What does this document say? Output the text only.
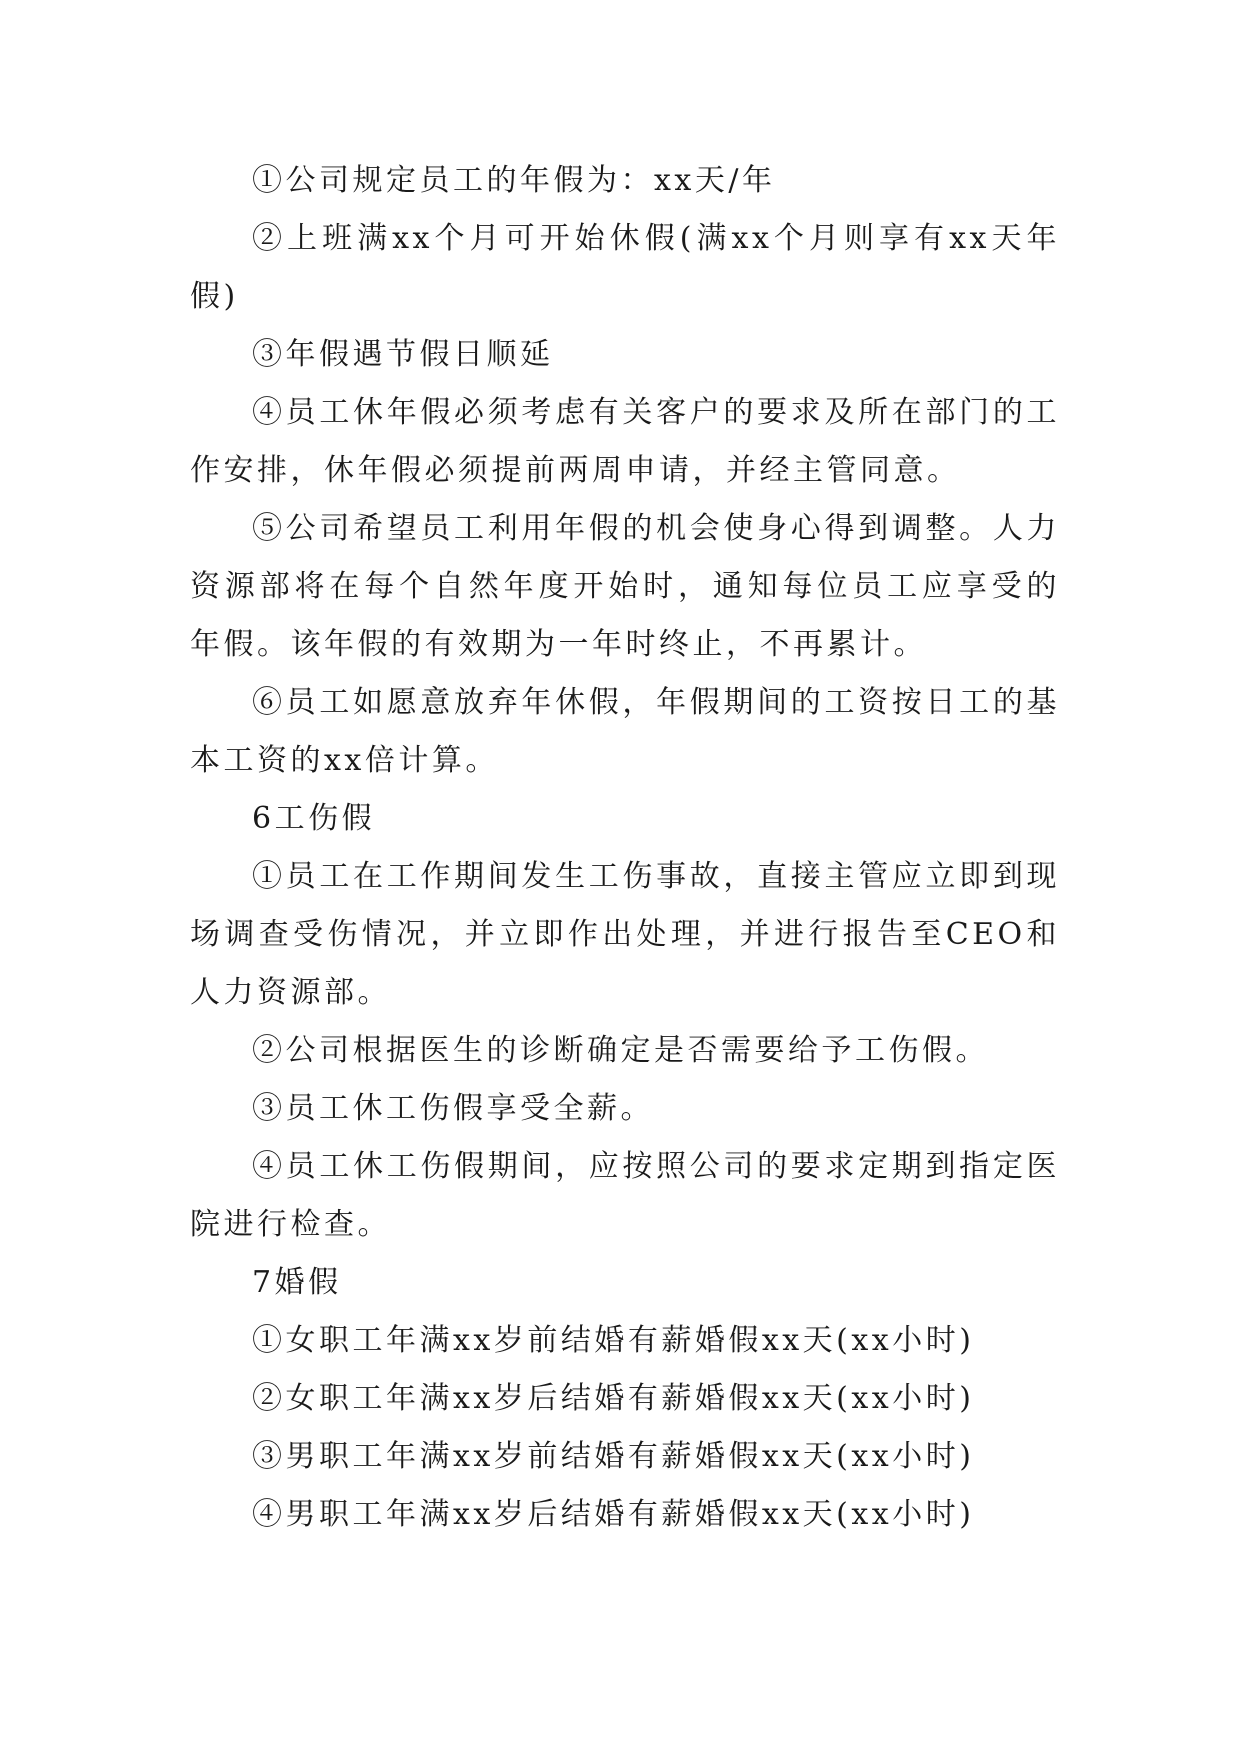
①公司规定员工的年假为：xx天/年

②上班满xx个月可开始休假(满xx个月则享有xx天年假)

③年假遇节假日顺延

④员工休年假必须考虑有关客户的要求及所在部门的工作安排，休年假必须提前两周申请，并经主管同意。

⑤公司希望员工利用年假的机会使身心得到调整。人力资源部将在每个自然年度开始时，通知每位员工应享受的年假。该年假的有效期为一年时终止，不再累计。

⑥员工如愿意放弃年休假，年假期间的工资按日工的基本工资的xx倍计算。

6工伤假

①员工在工作期间发生工伤事故，直接主管应立即到现场调查受伤情况，并立即作出处理，并进行报告至CEO和人力资源部。

②公司根据医生的诊断确定是否需要给予工伤假。

③员工休工伤假享受全薪。

④员工休工伤假期间，应按照公司的要求定期到指定医院进行检查。

7婚假

①女职工年满xx岁前结婚有薪婚假xx天(xx小时)

②女职工年满xx岁后结婚有薪婚假xx天(xx小时)

③男职工年满xx岁前结婚有薪婚假xx天(xx小时)

④男职工年满xx岁后结婚有薪婚假xx天(xx小时)
